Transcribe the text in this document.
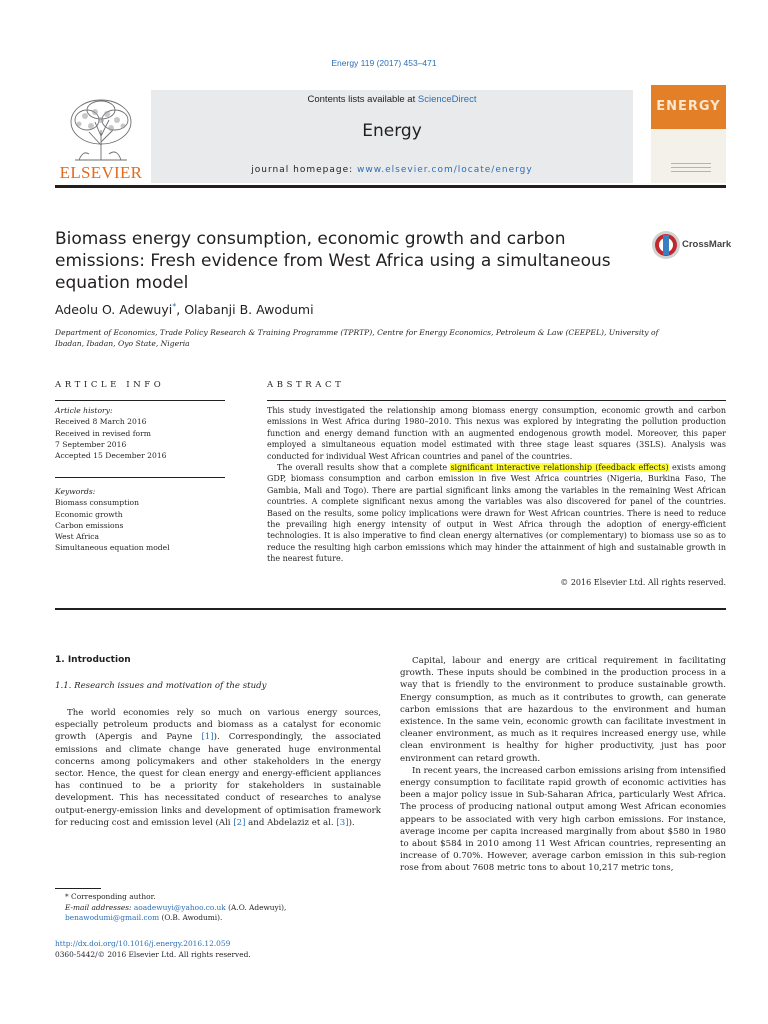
Energy 119 (2017) 453–471
ELSEVIER
Contents lists available at ScienceDirect
Energy
journal homepage: www.elsevier.com/locate/energy
ENERGY
Biomass energy consumption, economic growth and carbon emissions: Fresh evidence from West Africa using a simultaneous equation model
CrossMark
Adeolu O. Adewuyi*, Olabanji B. Awodumi
Department of Economics, Trade Policy Research & Training Programme (TPRTP), Centre for Energy Economics, Petroleum & Law (CEEPEL), University of Ibadan, Ibadan, Oyo State, Nigeria
ARTICLE INFO	ABSTRACT
Article history:
Received 8 March 2016
Received in revised form
7 September 2016
Accepted 15 December 2016
Keywords:
Biomass consumption
Economic growth
Carbon emissions
West Africa
Simultaneous equation model

This study investigated the relationship among biomass energy consumption, economic growth and carbon emissions in West Africa during 1980–2010. This nexus was explored by integrating the pollution production function and energy demand function with an augmented endogenous growth model. Moreover, this paper employed a simultaneous equation model estimated with three stage least squares (3SLS). Analysis was conducted for individual West African countries and panel of the countries.

The overall results show that a complete significant interactive relationship (feedback effects) exists among GDP, biomass consumption and carbon emission in five West Africa countries (Nigeria, Burkina Faso, The Gambia, Mali and Togo). There are partial significant links among the variables in the remaining West African countries. A complete significant nexus among the variables was also discovered for panel of the countries. Based on the results, some policy implications were drawn for West African countries. There is need to reduce the prevailing high energy intensity of output in West Africa through the adoption of energy-efficient technologies. It is also imperative to find clean energy alternatives (or complementary) to biomass use so as to reduce the resulting high carbon emissions which may hinder the attainment of high and sustainable growth in the nearest future.

© 2016 Elsevier Ltd. All rights reserved.
1. Introduction
1.1. Research issues and motivation of the study

The world economies rely so much on various energy sources, especially petroleum products and biomass as a catalyst for economic growth (Apergis and Payne [1]). Correspondingly, the associated emissions and climate change have generated huge environmental concerns among policymakers and other stakeholders in the energy sector. Hence, the quest for clean energy and energy-efficient appliances has continued to be a priority for stakeholders in sustainable development. This has necessitated conduct of researches to analyse output-energy-emission links and development of optimisation framework for reducing cost and emission level (Ali [2] and Abdelaziz et al. [3]).

Capital, labour and energy are critical requirement in facilitating growth. These inputs should be combined in the production process in a way that is friendly to the environment to produce sustainable growth. Energy consumption, as much as it contributes to growth, can generate carbon emissions that are hazardous to the environment and human existence. In the same vein, economic growth can facilitate investment in cleaner environment, as much as it requires increased energy use, while clean environment is healthy for higher productivity, just has poor environment can retard growth.

In recent years, the increased carbon emissions arising from intensified energy consumption to facilitate rapid growth of economic activities has been a major policy issue in Sub-Saharan Africa, particularly West Africa. The process of producing national output among West African economies appears to be associated with very high carbon emissions. For instance, average income per capita increased marginally from about $580 in 1980 to about $584 in 2010 among 11 West African countries, representing an increase of 0.70%. However, average carbon emission in this sub-region rose from about 7608 metric tons to about 10,217 metric tons,

* Corresponding author.
E-mail addresses: aoadewuyi@yahoo.co.uk (A.O. Adewuyi), benawodumi@gmail.com (O.B. Awodumi).
http://dx.doi.org/10.1016/j.energy.2016.12.059
0360-5442/© 2016 Elsevier Ltd. All rights reserved.
